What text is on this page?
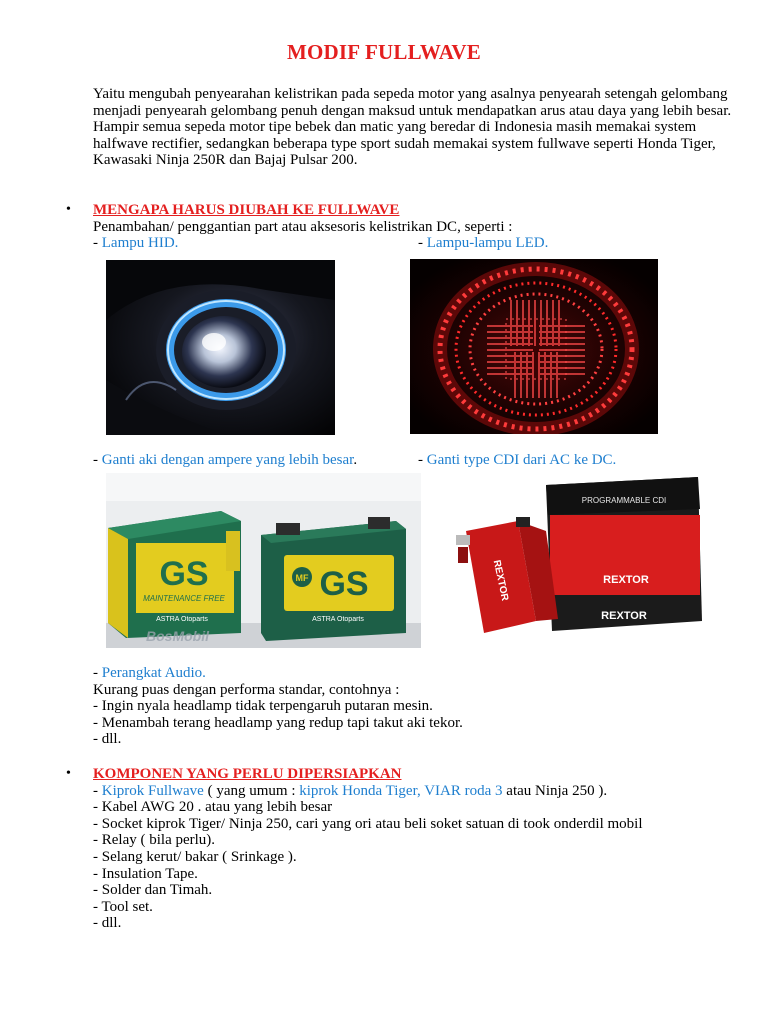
MODIF FULLWAVE

Yaitu mengubah penyearahan kelistrikan pada sepeda motor yang asalnya penyearah setengah gelombang menjadi penyearah gelombang penuh dengan maksud untuk mendapatkan arus atau daya yang lebih besar.

Hampir semua sepeda motor tipe bebek dan matic yang beredar di Indonesia masih memakai system halfwave rectifier, sedangkan beberapa type sport sudah memakai system fullwave seperti Honda Tiger, Kawasaki Ninja 250R dan Bajaj Pulsar 200.

• MENGAPA HARUS DIUBAH KE FULLWAVE
Penambahan/ penggantian part atau aksesoris kelistrikan DC, seperti :
- Lampu HID.	- Lampu-lampu LED.
- Ganti aki dengan ampere yang lebih besar.	- Ganti type CDI dari AC ke DC.
GS
MAINTENANCE FREE
ASTRA Otoparts
GS
MF
ASTRA Otoparts
BosMobil
PROGRAMMABLE CDI
REXTOR
REXTOR
REXTOR
- Perangkat Audio.
Kurang puas dengan performa standar, contohnya :
- Ingin nyala headlamp tidak terpengaruh putaran mesin.
- Menambah terang headlamp yang redup tapi takut aki tekor.
- dll.
• KOMPONEN YANG PERLU DIPERSIAPKAN
- Kiprok Fullwave ( yang umum : kiprok Honda Tiger, VIAR roda 3 atau Ninja 250 ).
- Kabel AWG 20 . atau yang lebih besar
- Socket kiprok Tiger/ Ninja 250, cari yang ori atau beli soket satuan di took onderdil mobil
- Relay ( bila perlu).
- Selang kerut/ bakar ( Srinkage ).
- Insulation Tape.
- Solder dan Timah.
- Tool set.
- dll.
